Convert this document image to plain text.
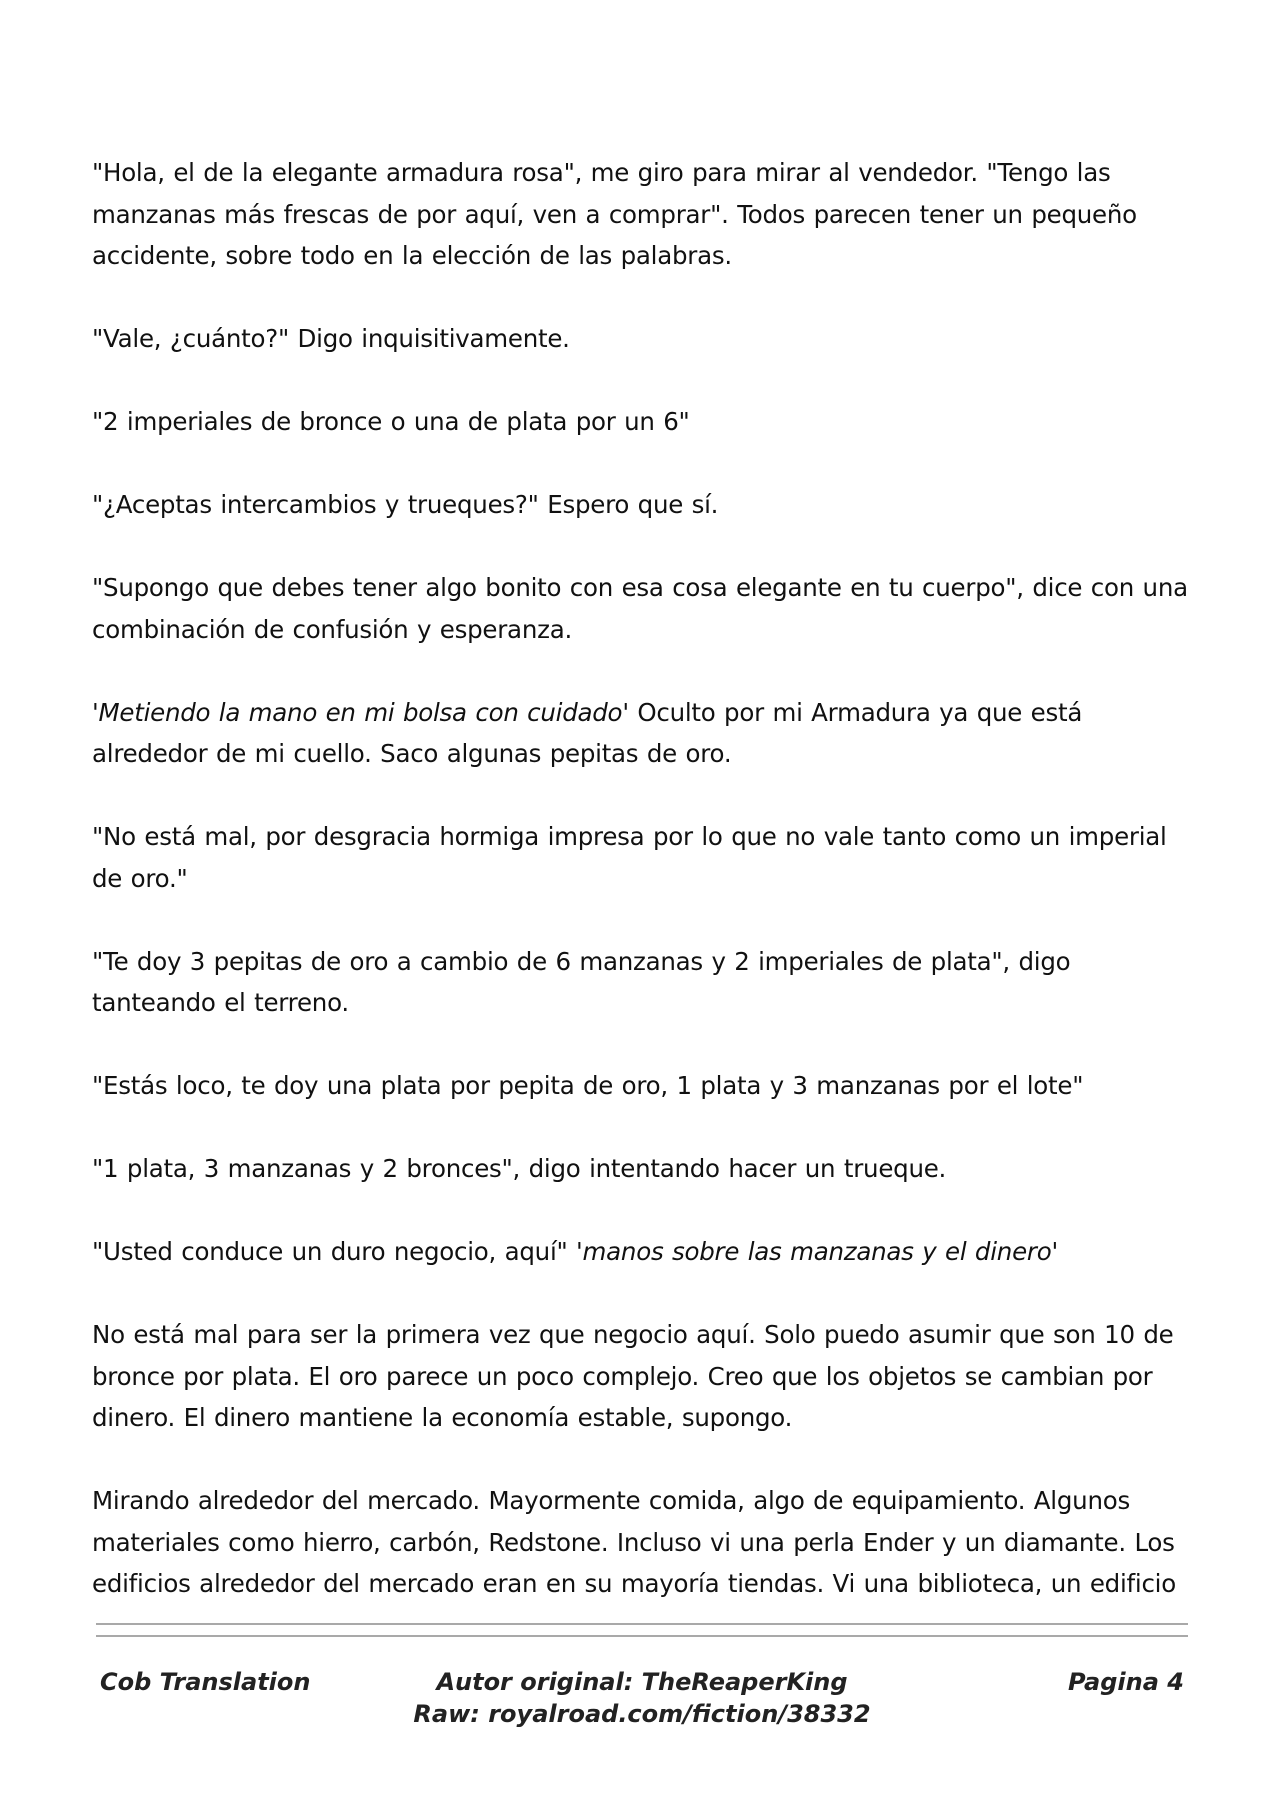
"Hola, el de la elegante armadura rosa", me giro para mirar al vendedor. "Tengo las manzanas más frescas de por aquí, ven a comprar". Todos parecen tener un pequeño accidente, sobre todo en la elección de las palabras.

"Vale, ¿cuánto?" Digo inquisitivamente.

"2 imperiales de bronce o una de plata por un 6"

"¿Aceptas intercambios y trueques?" Espero que sí.

"Supongo que debes tener algo bonito con esa cosa elegante en tu cuerpo", dice con una combinación de confusión y esperanza.

'Metiendo la mano en mi bolsa con cuidado' Oculto por mi Armadura ya que está alrededor de mi cuello. Saco algunas pepitas de oro.

"No está mal, por desgracia hormiga impresa por lo que no vale tanto como un imperial de oro."

"Te doy 3 pepitas de oro a cambio de 6 manzanas y 2 imperiales de plata", digo tanteando el terreno.

"Estás loco, te doy una plata por pepita de oro, 1 plata y 3 manzanas por el lote"

"1 plata, 3 manzanas y 2 bronces", digo intentando hacer un trueque.

"Usted conduce un duro negocio, aquí" 'manos sobre las manzanas y el dinero'

No está mal para ser la primera vez que negocio aquí. Solo puedo asumir que son 10 de bronce por plata. El oro parece un poco complejo. Creo que los objetos se cambian por dinero. El dinero mantiene la economía estable, supongo.

Mirando alrededor del mercado. Mayormente comida, algo de equipamiento. Algunos materiales como hierro, carbón, Redstone. Incluso vi una perla Ender y un diamante. Los edificios alrededor del mercado eran en su mayoría tiendas. Vi una biblioteca, un edificio

Cob Translation	Autor original: TheReaperKing
Raw: royalroad.com/fiction/38332
Pagina 4
